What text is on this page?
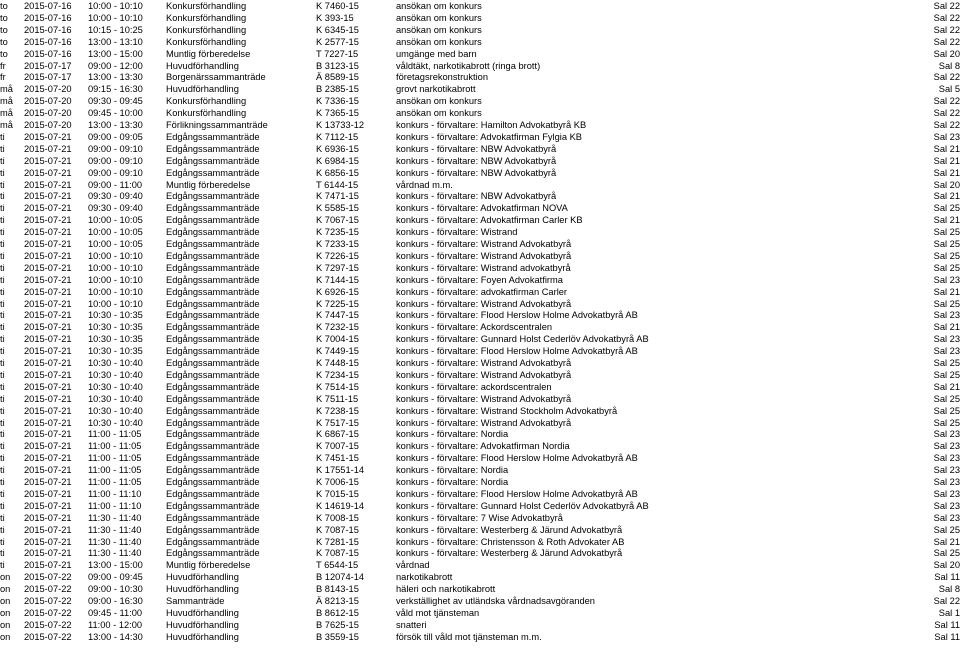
to	2015-07-16	10:00 - 10:10	Konkursförhandling	K 7460-15	ansökan om konkurs	Sal 22
to	2015-07-16	10:00 - 10:10	Konkursförhandling	K 393-15	ansökan om konkurs	Sal 22
to	2015-07-16	10:15 - 10:25	Konkursförhandling	K 6345-15	ansökan om konkurs	Sal 22
to	2015-07-16	13:00 - 13:10	Konkursförhandling	K 2577-15	ansökan om konkurs	Sal 22
to	2015-07-16	13:00 - 15:00	Muntlig förberedelse	T 7227-15	umgänge med barn	Sal 20
fr	2015-07-17	09:00 - 12:00	Huvudförhandling	B 3123-15	våldtäkt, narkotikabrott (ringa brott)	Sal 8
fr	2015-07-17	13:00 - 13:30	Borgenärssammanträde	Ä 8589-15	företagsrekonstruktion	Sal 22
må	2015-07-20	09:15 - 16:30	Huvudförhandling	B 2385-15	grovt narkotikabrott	Sal 5
må	2015-07-20	09:30 - 09:45	Konkursförhandling	K 7336-15	ansökan om konkurs	Sal 22
må	2015-07-20	09:45 - 10:00	Konkursförhandling	K 7365-15	ansökan om konkurs	Sal 22
må	2015-07-20	13:00 - 13:30	Förlikningssammanträde	K 13733-12	konkurs - förvaltare: Hamilton Advokatbyrå KB	Sal 22
ti	2015-07-21	09:00 - 09:05	Edgångssammanträde	K 7112-15	konkurs - förvaltare: Advokatfirman Fylgia KB	Sal 23
ti	2015-07-21	09:00 - 09:10	Edgångssammanträde	K 6936-15	konkurs - förvaltare: NBW Advokatbyrå	Sal 21
ti	2015-07-21	09:00 - 09:10	Edgångssammanträde	K 6984-15	konkurs - förvaltare: NBW Advokatbyrå	Sal 21
ti	2015-07-21	09:00 - 09:10	Edgångssammanträde	K 6856-15	konkurs - förvaltare: NBW Advokatbyrå	Sal 21
ti	2015-07-21	09:00 - 11:00	Muntlig förberedelse	T 6144-15	vårdnad m.m.	Sal 20
ti	2015-07-21	09:30 - 09:40	Edgångssammanträde	K 7471-15	konkurs - förvaltare: NBW Advokatbyrå	Sal 21
ti	2015-07-21	09:30 - 09:40	Edgångssammanträde	K 5585-15	konkurs - förvaltare: Advokatfirman NOVA	Sal 25
ti	2015-07-21	10:00 - 10:05	Edgångssammanträde	K 7067-15	konkurs - förvaltare: Advokatfirman Carler KB	Sal 21
ti	2015-07-21	10:00 - 10:05	Edgångssammanträde	K 7235-15	konkurs - förvaltare: Wistrand	Sal 25
ti	2015-07-21	10:00 - 10:05	Edgångssammanträde	K 7233-15	konkurs - förvaltare: Wistrand Advokatbyrå	Sal 25
ti	2015-07-21	10:00 - 10:10	Edgångssammanträde	K 7226-15	konkurs - förvaltare: Wistrand Advokatbyrå	Sal 25
ti	2015-07-21	10:00 - 10:10	Edgångssammanträde	K 7297-15	konkurs - förvaltare: Wistrand advokatbyrå	Sal 25
ti	2015-07-21	10:00 - 10:10	Edgångssammanträde	K 7144-15	konkurs - förvaltare: Foyen Advokatfirma	Sal 23
ti	2015-07-21	10:00 - 10:10	Edgångssammanträde	K 6926-15	konkurs - förvaltare: advokatfirman Carler	Sal 21
ti	2015-07-21	10:00 - 10:10	Edgångssammanträde	K 7225-15	konkurs - förvaltare: Wistrand Advokatbyrå	Sal 25
ti	2015-07-21	10:30 - 10:35	Edgångssammanträde	K 7447-15	konkurs - förvaltare: Flood Herslow Holme Advokatbyrå AB	Sal 23
ti	2015-07-21	10:30 - 10:35	Edgångssammanträde	K 7232-15	konkurs - förvaltare: Ackordscentralen	Sal 21
ti	2015-07-21	10:30 - 10:35	Edgångssammanträde	K 7004-15	konkurs - förvaltare: Gunnard Holst Cederlöv Advokatbyrå AB	Sal 23
ti	2015-07-21	10:30 - 10:35	Edgångssammanträde	K 7449-15	konkurs - förvaltare: Flood Herslow Holme Advokatbyrå AB	Sal 23
ti	2015-07-21	10:30 - 10:40	Edgångssammanträde	K 7448-15	konkurs - förvaltare: Wistrand Advokatbyrå	Sal 25
ti	2015-07-21	10:30 - 10:40	Edgångssammanträde	K 7234-15	konkurs - förvaltare: Wistrand Advokatbyrå	Sal 25
ti	2015-07-21	10:30 - 10:40	Edgångssammanträde	K 7514-15	konkurs - förvaltare: ackordscentralen	Sal 21
ti	2015-07-21	10:30 - 10:40	Edgångssammanträde	K 7511-15	konkurs - förvaltare: Wistrand Advokatbyrå	Sal 25
ti	2015-07-21	10:30 - 10:40	Edgångssammanträde	K 7238-15	konkurs - förvaltare: Wistrand Stockholm Advokatbyrå	Sal 25
ti	2015-07-21	10:30 - 10:40	Edgångssammanträde	K 7517-15	konkurs - förvaltare: Wistrand Advokatbyrå	Sal 25
ti	2015-07-21	11:00 - 11:05	Edgångssammanträde	K 6867-15	konkurs - förvaltare: Nordia	Sal 23
ti	2015-07-21	11:00 - 11:05	Edgångssammanträde	K 7007-15	konkurs - förvaltare: Advokatfirman Nordia	Sal 23
ti	2015-07-21	11:00 - 11:05	Edgångssammanträde	K 7451-15	konkurs - förvaltare: Flood Herslow Holme Advokatbyrå AB	Sal 23
ti	2015-07-21	11:00 - 11:05	Edgångssammanträde	K 17551-14	konkurs - förvaltare: Nordia	Sal 23
ti	2015-07-21	11:00 - 11:05	Edgångssammanträde	K 7006-15	konkurs - förvaltare: Nordia	Sal 23
ti	2015-07-21	11:00 - 11:10	Edgångssammanträde	K 7015-15	konkurs - förvaltare: Flood Herslow Holme Advokatbyrå AB	Sal 23
ti	2015-07-21	11:00 - 11:10	Edgångssammanträde	K 14619-14	konkurs - förvaltare: Gunnard Holst Cederlöv Advokatbyrå AB	Sal 23
ti	2015-07-21	11:30 - 11:40	Edgångssammanträde	K 7008-15	konkurs - förvaltare: 7 Wise Advokatbyrå	Sal 23
ti	2015-07-21	11:30 - 11:40	Edgångssammanträde	K 7087-15	konkurs - förvaltare: Westerberg & Järund Advokatbyrå	Sal 25
ti	2015-07-21	11:30 - 11:40	Edgångssammanträde	K 7281-15	konkurs - förvaltare: Christensson & Roth Advokater AB	Sal 21
ti	2015-07-21	11:30 - 11:40	Edgångssammanträde	K 7087-15	konkurs - förvaltare: Westerberg & Järund Advokatbyrå	Sal 25
ti	2015-07-21	13:00 - 15:00	Muntlig förberedelse	T 6544-15	vårdnad	Sal 20
on	2015-07-22	09:00 - 09:45	Huvudförhandling	B 12074-14	narkotikabrott	Sal 11
on	2015-07-22	09:00 - 10:30	Huvudförhandling	B 8143-15	häleri och narkotikabrott	Sal 8
on	2015-07-22	09:00 - 16:30	Sammanträde	Ä 8213-15	verkställighet av utländska vårdnadsavgöranden	Sal 22
on	2015-07-22	09:45 - 11:00	Huvudförhandling	B 8612-15	våld mot tjänsteman	Sal 1
on	2015-07-22	11:00 - 12:00	Huvudförhandling	B 7625-15	snatteri	Sal 11
on	2015-07-22	13:00 - 14:30	Huvudförhandling	B 3559-15	försök till våld mot tjänsteman m.m.	Sal 11
